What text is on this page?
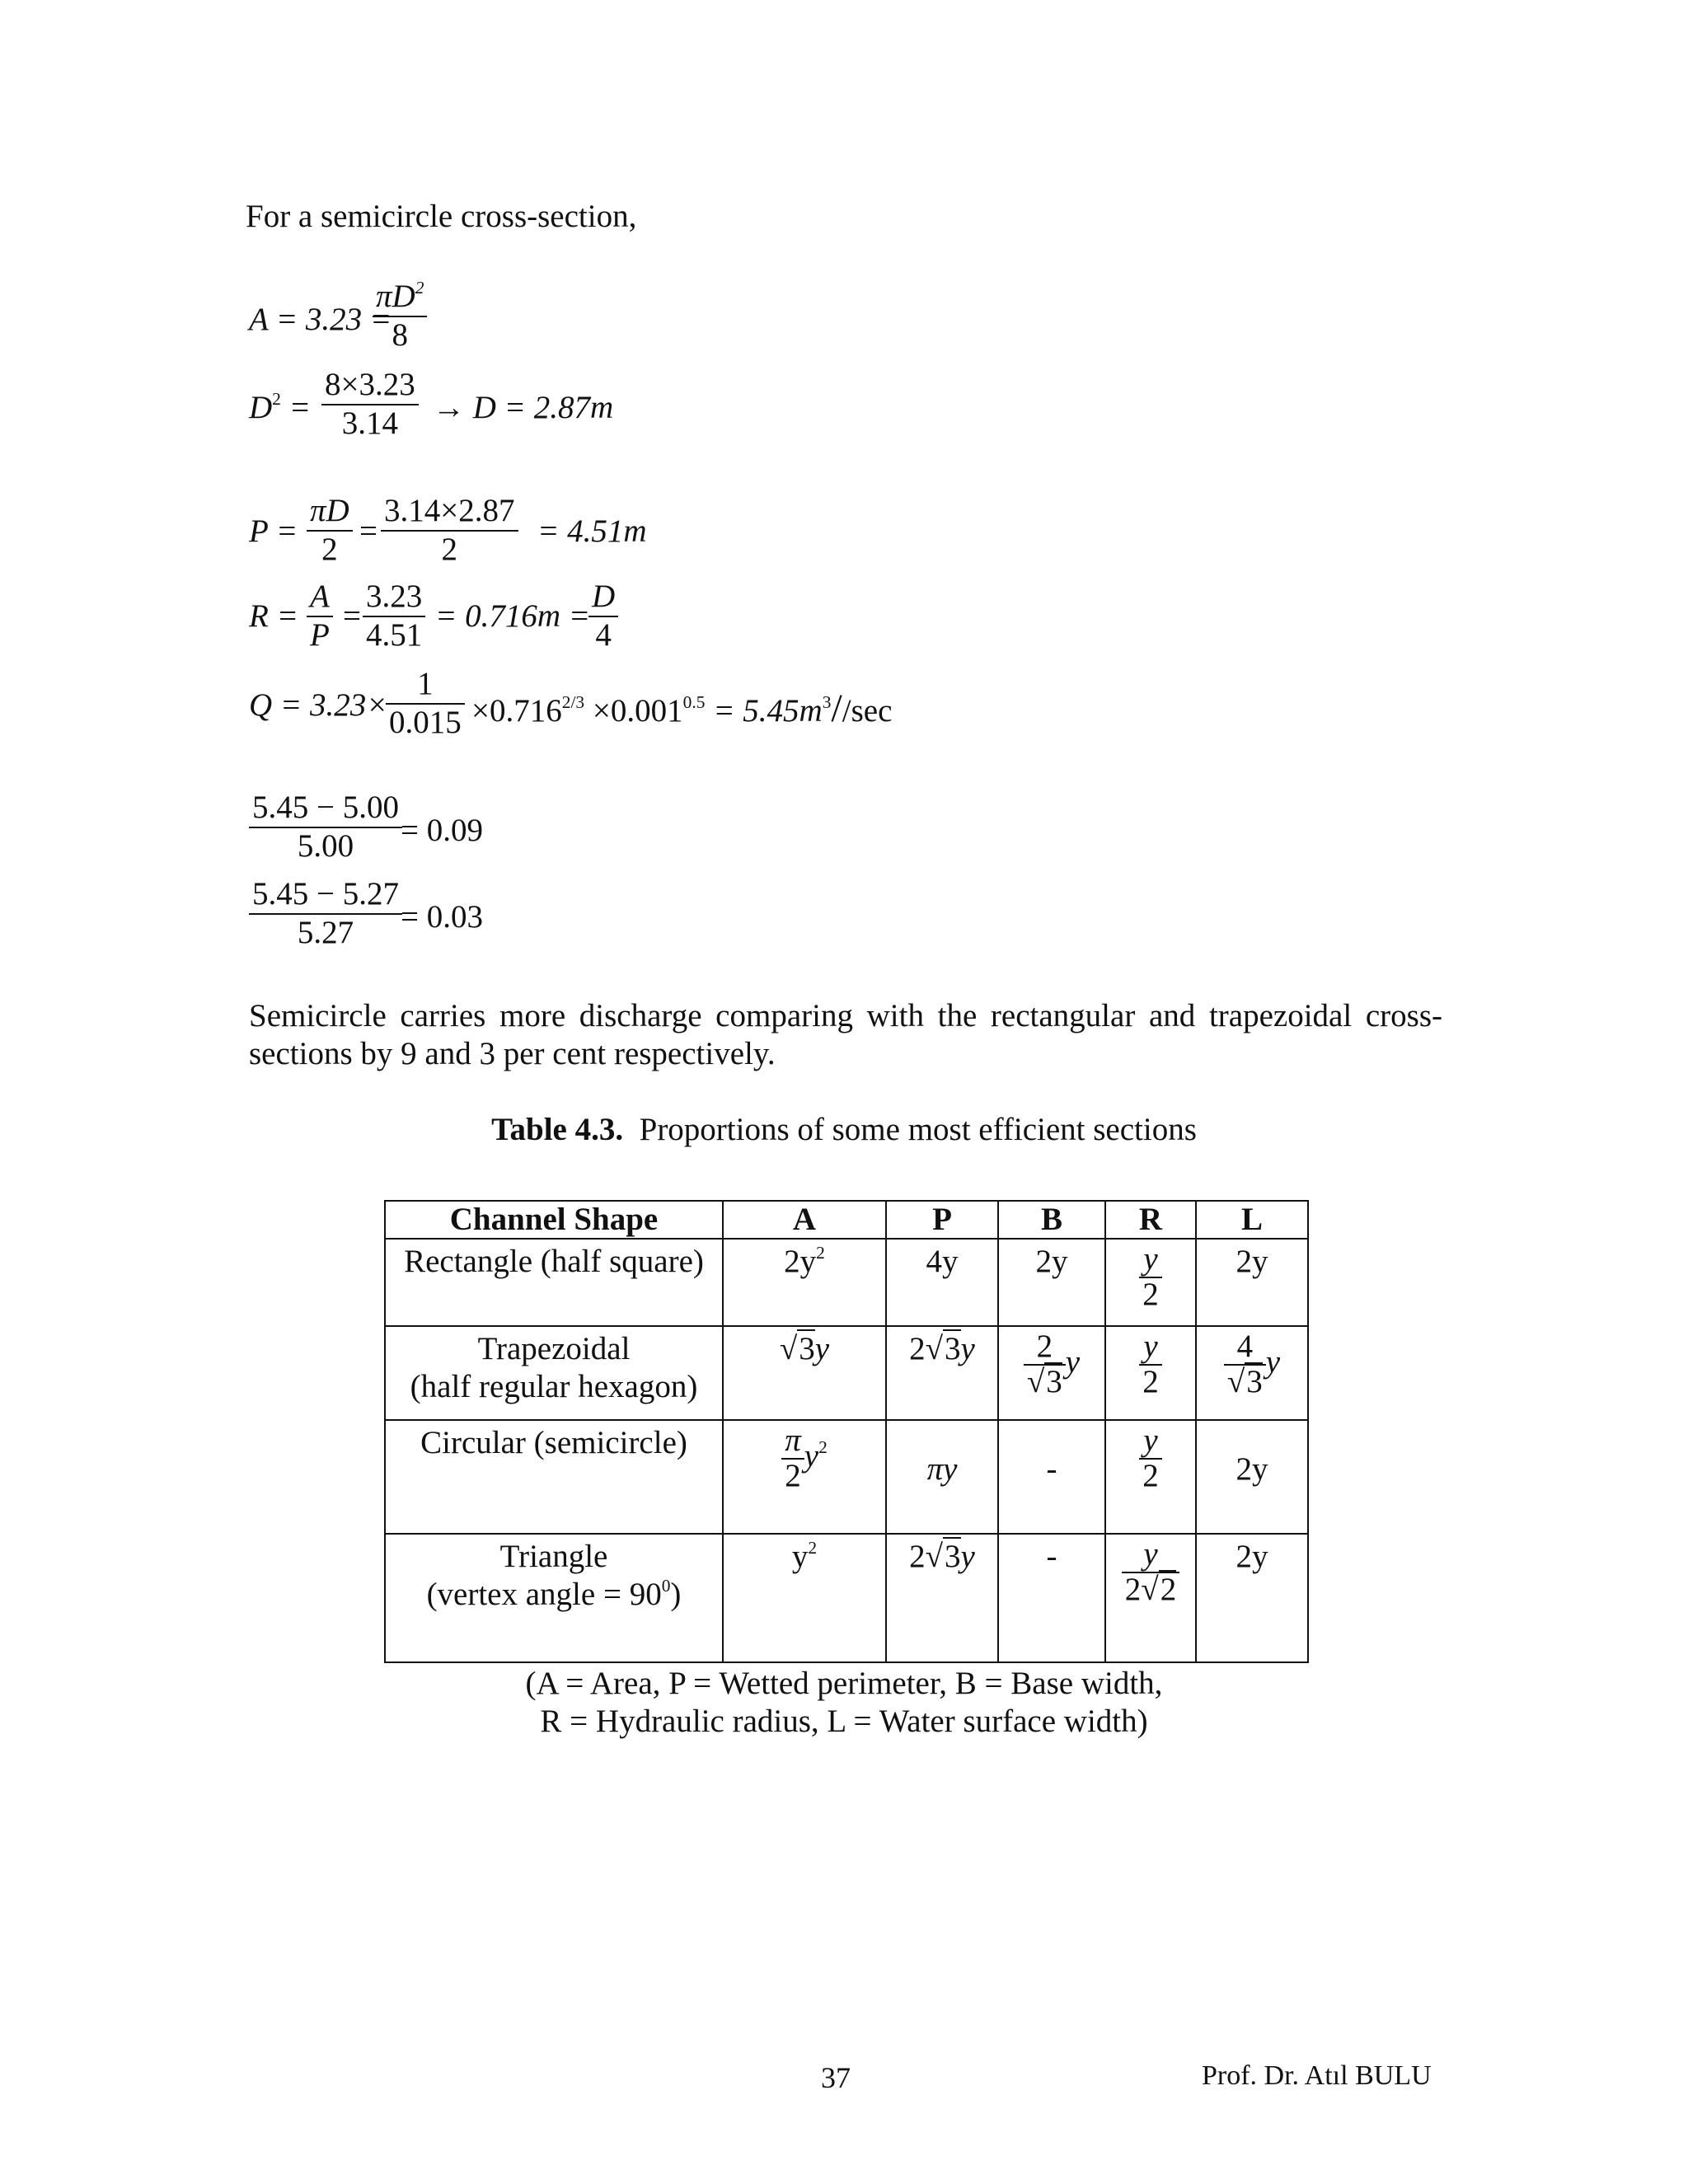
For a semicircle cross-section,
A = 3.23 =
$\frac{\pi D^2}{8}$
$D^2 = \frac{8\times 3.23}{3.14} \to D = 2.87m$
$P = \frac{\pi D}{2} = \frac{3.14\times 2.87}{2} = 4.51m$
$R = \frac{A}{P} = \frac{3.23}{4.51} = 0.716m$ =
$\frac{D}{4}$
Q = 3.23×
$\frac{1}{0.015} \times 0.716^{2/3} \times 0.001^{0.5} = 5.45m^3//\sec$
$\frac{5.45 - 5.00}{5.00}$
= 0.09
$\frac{5.45 - 5.27}{5.27}$
= 0.03
Semicircle carries more discharge comparing with the rectangular and trapezoidal cross-sections by 9 and 3 per cent respectively.
Table 4.3. Proportions of some most efficient sections
Channel Shape	A	P	B	R	L
Rectangle (half square)	$2y^2$	4y	2y	$\frac{y}{2}$	2y
Trapezoidal
(half regular hexagon)	√3y	2√3y	$\frac{2}{√3}$ y	$\frac{y}{2}$	$\frac{4}{√3}$ y
Circular (semicircle)	$\frac{\pi}{2} y^2$	πy	-	$\frac{y}{2}$	2y
Triangle
(vertex angle = $90^0$)	$y^2$	2√3y	-	$\frac{y}{2√2}$	2y
(A = Area, P = Wetted perimeter, B = Base width,
R = Hydraulic radius, L = Water surface width)
37	Prof. Dr. Atıl BULU
